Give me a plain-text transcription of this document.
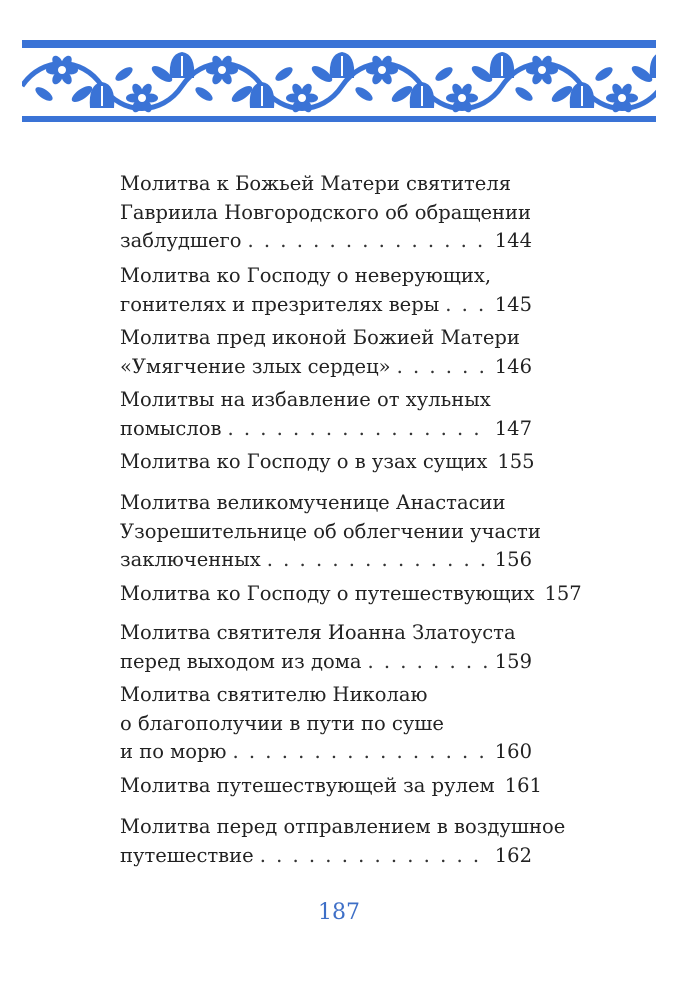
Молитва к Божьей Матери святителя
Гавриила Новгородского об обращении
заблудшего . . .	144
Молитва ко Господу о неверующих,
гонителях и презрителях веры . . .	145
Молитва пред иконой Божией Матери
«Умягчение злых сердец» . . .	146
Молитвы на избавление от хульных
помыслов . . .	147
Молитва ко Господу о в узах сущих 155
Молитва великомученице Анастасии
Узорешительнице об облегчении участи
заключенных . . .	156
Молитва ко Господу о путешествующих 157
Молитва святителя Иоанна Златоуста
перед выходом из дома . . .	159
Молитва святителю Николаю
о благополучии в пути по суше
и по морю . . .	160
Молитва путешествующей за рулем 161
Молитва перед отправлением в воздушное
путешествие . . .	162
187
